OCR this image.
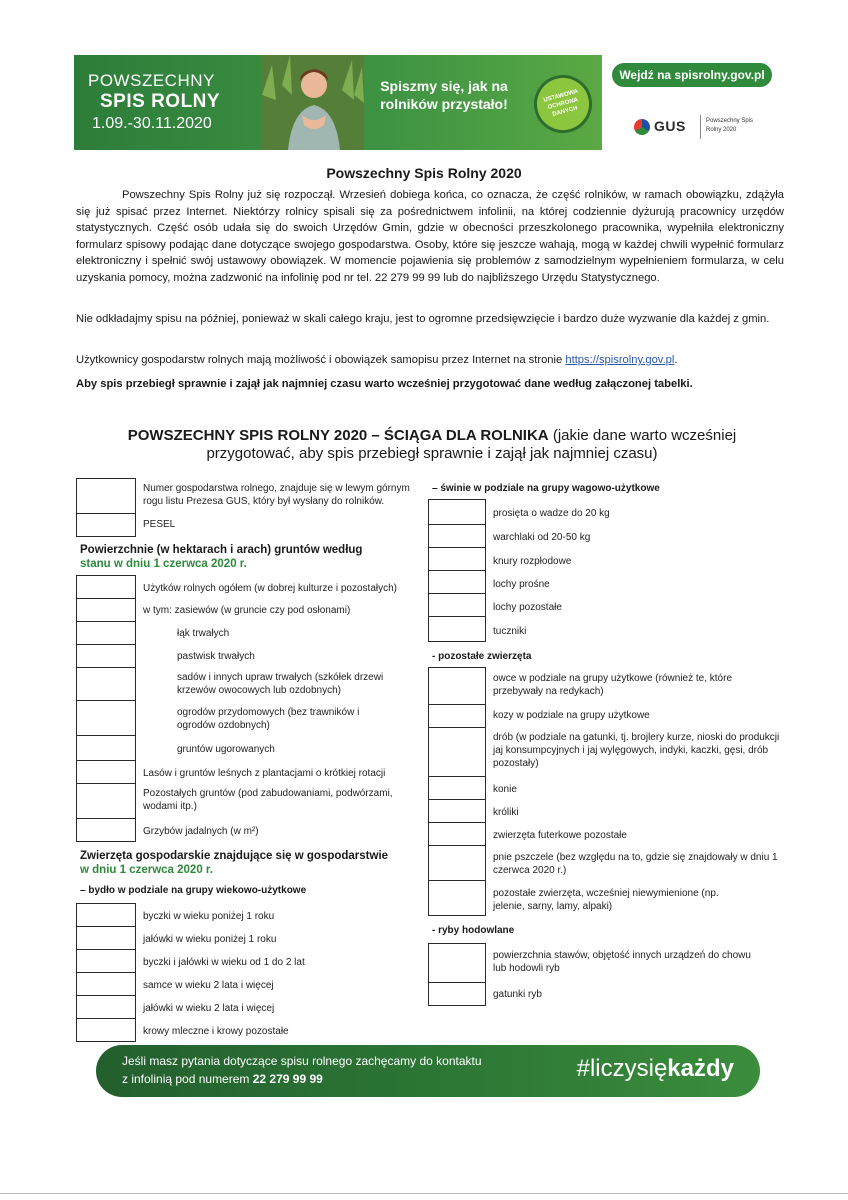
POWSZECHNY
SPIS ROLNY
1.09.-30.11.2020
Spiszmy się, jak na rolników przystało!	USTAWOWA OCHRONA DANYCH
Wejdź na spisrolny.gov.pl
GUS	Powszechny Spis Rolny 2020
Powszechny Spis Rolny 2020
Powszechny Spis Rolny już się rozpoczął. Wrzesień dobiega końca, co oznacza, że część rolników, w ramach obowiązku, zdążyła się już spisać przez Internet. Niektórzy rolnicy spisali się za pośrednictwem infolinii, na której codziennie dyżurują pracownicy urzędów statystycznych. Część osób udała się do swoich Urzędów Gmin, gdzie w obecności przeszkolonego pracownika, wypełniła elektroniczny formularz spisowy podając dane dotyczące swojego gospodarstwa. Osoby, które się jeszcze wahają, mogą w każdej chwili wypełnić formularz elektroniczny i spełnić swój ustawowy obowiązek. W momencie pojawienia się problemów z samodzielnym wypełnieniem formularza, w celu uzyskania pomocy, można zadzwonić na infolinię pod nr tel. 22 279 99 99 lub do najbliższego Urzędu Statystycznego.
Nie odkładajmy spisu na później, ponieważ w skali całego kraju, jest to ogromne przedsięwzięcie i bardzo duże wyzwanie dla każdej z gmin.
Użytkownicy gospodarstw rolnych mają możliwość i obowiązek samopisu przez Internet na stronie https://spisrolny.gov.pl.
Aby spis przebiegł sprawnie i zajął jak najmniej czasu warto wcześniej przygotować dane według załączonej tabelki.
POWSZECHNY SPIS ROLNY 2020 – ŚCIĄGA DLA ROLNIKA (jakie dane warto wcześniej przygotować, aby spis przebiegł sprawnie i zajął jak najmniej czasu)
Numer gospodarstwa rolnego, znajduje się w lewym górnym rogu listu Prezesa GUS, który był wysłany do rolników.
PESEL
Powierzchnie (w hektarach i arach) gruntów według
stanu w dniu 1 czerwca 2020 r.
Użytków rolnych ogółem (w dobrej kulturze i pozostałych)
w tym: zasiewów (w gruncie czy pod osłonami)
łąk trwałych
pastwisk trwałych
sadów i innych upraw trwałych (szkółek drzewi krzewów owocowych lub ozdobnych)
ogrodów przydomowych (bez trawników i ogrodów ozdobnych)
gruntów ugorowanych
Lasów i gruntów leśnych z plantacjami o krótkiej rotacji
Pozostałych gruntów (pod zabudowaniami, podwórzami, wodami itp.)
Grzybów jadalnych (w m²)
Zwierzęta gospodarskie znajdujące się w gospodarstwie
w dniu 1 czerwca 2020 r.
– bydło w podziale na grupy wiekowo-użytkowe
byczki w wieku poniżej 1 roku
jałówki w wieku poniżej 1 roku
byczki i jałówki w wieku od 1 do 2 lat
samce w wieku 2 lata i więcej
jałówki w wieku 2 lata i więcej
krowy mleczne i krowy pozostałe
– świnie w podziale na grupy wagowo-użytkowe
prosięta o wadze do 20 kg
warchlaki od 20-50 kg
knury rozpłodowe
lochy prośne
lochy pozostałe
tuczniki
- pozostałe zwierzęta
owce w podziale na grupy użytkowe (również te, które przebywały na redykach)
kozy w podziale na grupy użytkowe
drób (w podziale na gatunki, tj. brojlery kurze, nioski do produkcji jaj konsumpcyjnych i jaj wylęgowych, indyki, kaczki, gęsi, drób pozostały)
konie
króliki
zwierzęta futerkowe pozostałe
pnie pszczele (bez względu na to, gdzie się znajdowały w dniu 1 czerwca 2020 r.)
pozostałe zwierzęta, wcześniej niewymienione (np. jelenie, sarny, lamy, alpaki)
- ryby hodowlane
powierzchnia stawów, objętość innych urządzeń do chowu lub hodowli ryb
gatunki ryb
Jeśli masz pytania dotyczące spisu rolnego zachęcamy do kontaktu
z infolinią pod numerem 22 279 99 99	#liczysiękażdy
